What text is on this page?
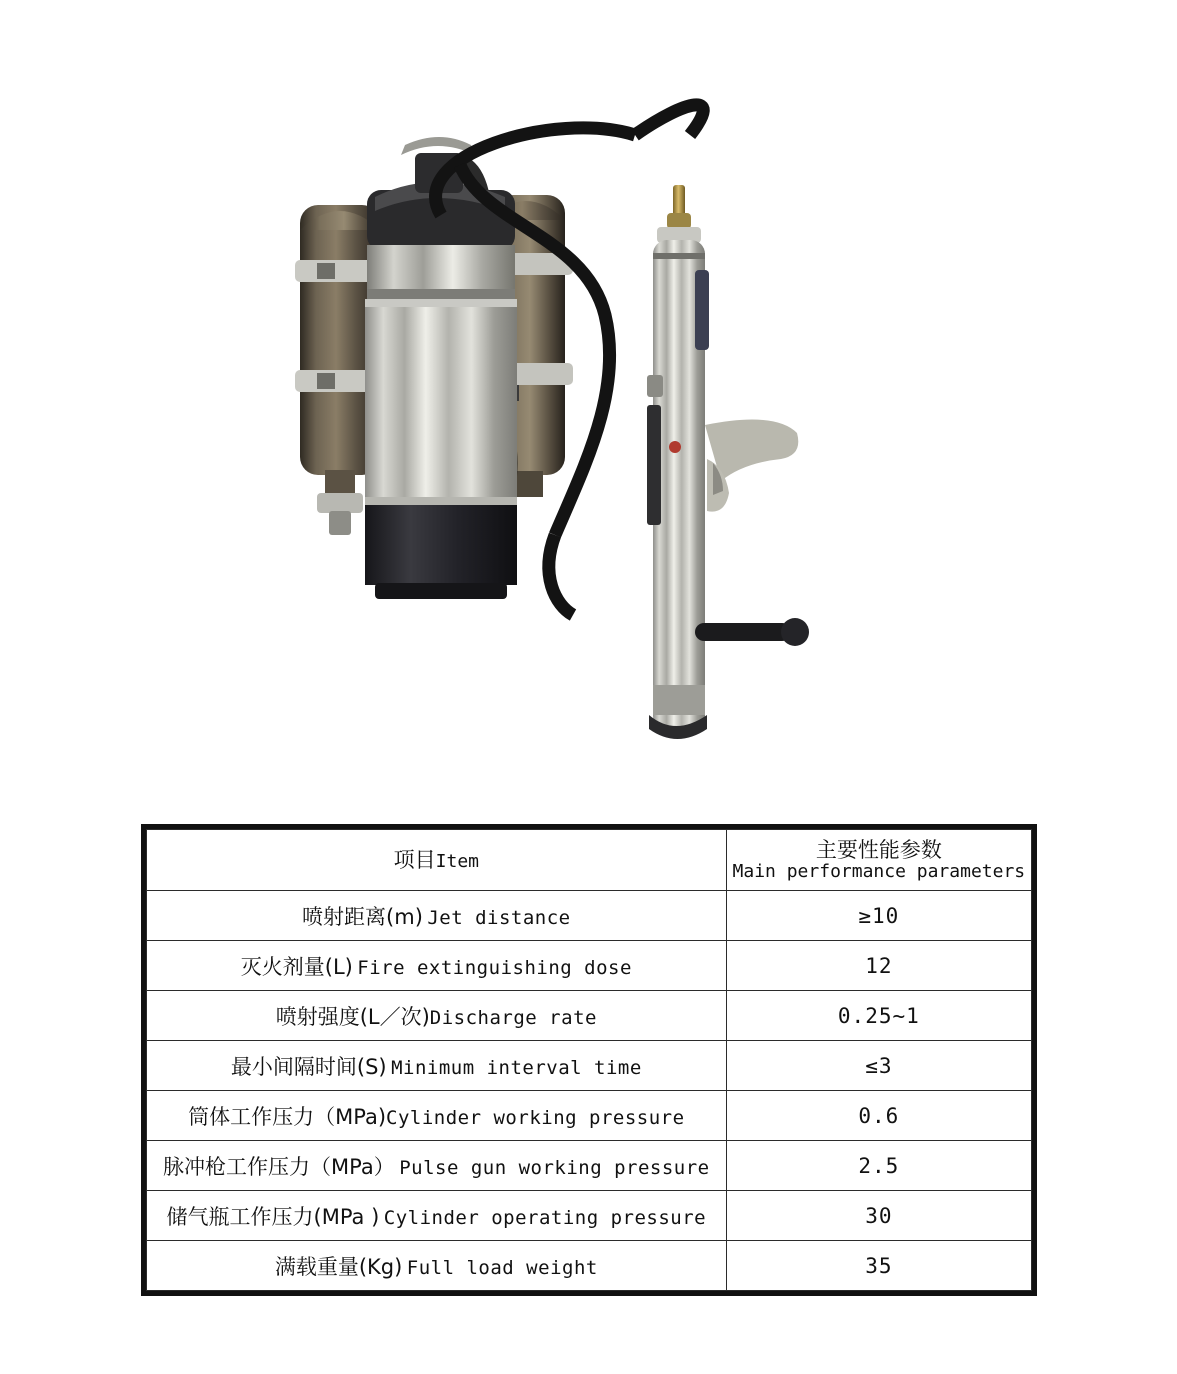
项目Item	主要性能参数
Main performance parameters

喷射距离(m) Jet distance	≥10
灭火剂量(L) Fire extinguishing dose	12
喷射强度(L／次)Discharge rate	0.25~1
最小间隔时间(S) Minimum interval time	≤3
筒体工作压力（MPa)Cylinder working pressure	0.6
脉冲枪工作压力（MPa） Pulse gun working pressure	2.5
储气瓶工作压力(MPa ) Cylinder operating pressure	30
满载重量(Kg) Full load weight	35
